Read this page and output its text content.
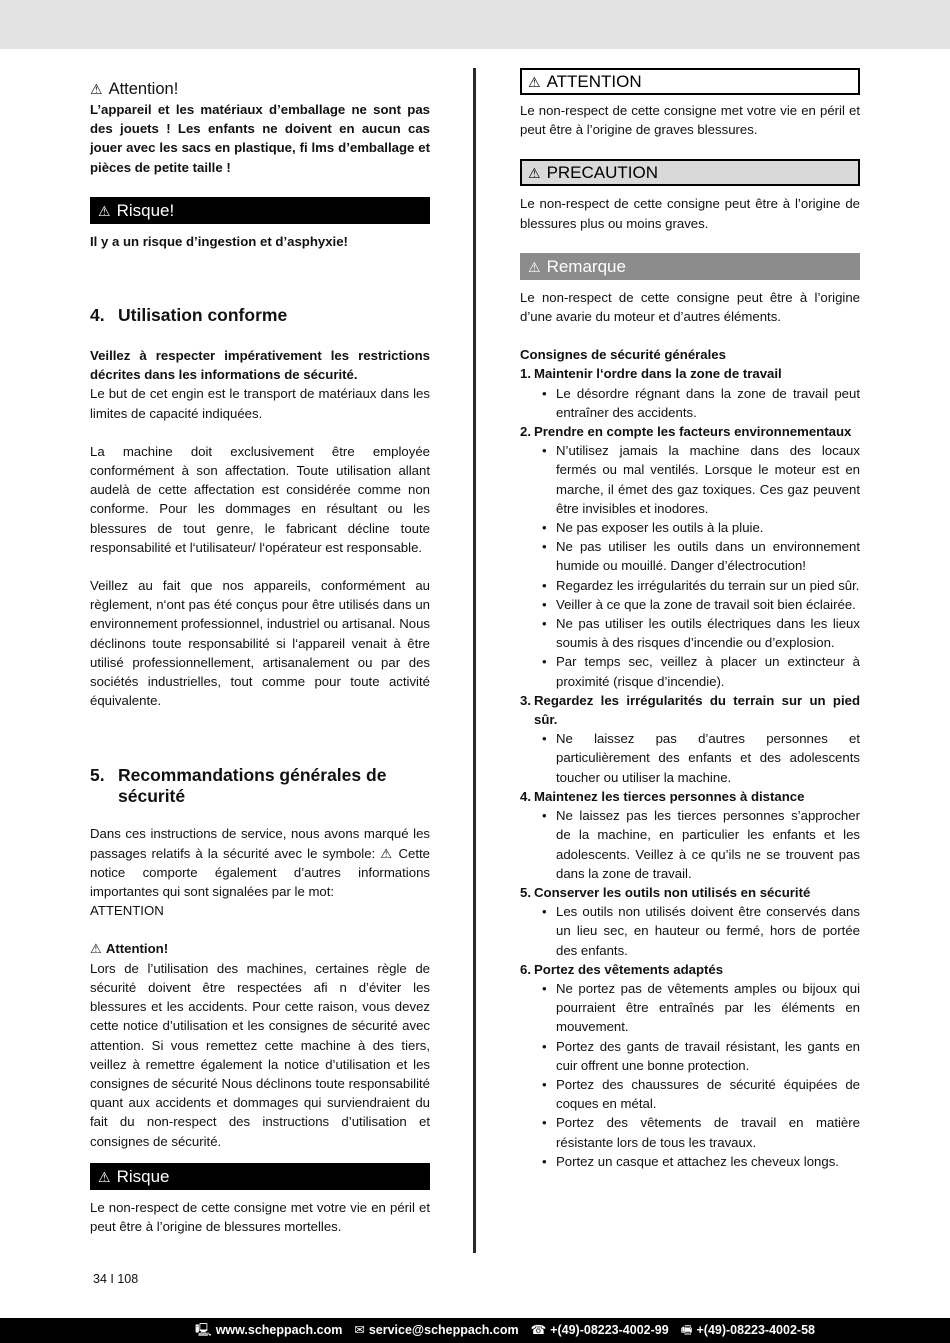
⚠ Attention!
L’appareil et les matériaux d’emballage ne sont pas des jouets ! Les enfants ne doivent en aucun cas jouer avec les sacs en plastique, fi lms d’emballage et pièces de petite taille !
⚠ Risque!
Il y a un risque d’ingestion et d’asphyxie!
4. Utilisation conforme
Veillez à respecter impérativement les restrictions décrites dans les informations de sécurité.
Le but de cet engin est le transport de matériaux dans les limites de capacité indiquées.
La machine doit exclusivement être employée conformément à son affectation. Toute utilisation allant audelà de cette affectation est considérée comme non conforme. Pour les dommages en résultant ou les blessures de tout genre, le fabricant décline toute responsabilité et l‘utilisateur/ l‘opérateur est responsable.
Veillez au fait que nos appareils, conformément au règlement, n‘ont pas été conçus pour être utilisés dans un environnement professionnel, industriel ou artisanal. Nous déclinons toute responsabilité si l‘appareil venait à être utilisé professionnellement, artisanalement ou par des sociétés industrielles, tout comme pour toute activité équivalente.
5. Recommandations générales de sécurité
Dans ces instructions de service, nous avons marqué les passages relatifs à la sécurité avec le symbole: ⚠ Cette notice comporte également d’autres informations importantes qui sont signalées par le mot:
ATTENTION
⚠ Attention!
Lors de l’utilisation des machines, certaines règle de sécurité doivent être respectées afi n d’éviter les blessures et les accidents. Pour cette raison, vous devez cette notice d’utilisation et les consignes de sécurité avec attention. Si vous remettez cette machine à des tiers, veillez à remettre également la notice d’utilisation et les consignes de sécurité Nous déclinons toute responsabilité quant aux accidents et dommages qui surviendraient du fait du non-respect des instructions d’utilisation et consignes de sécurité.
⚠ Risque
Le non-respect de cette consigne met votre vie en péril et peut être à l’origine de blessures mortelles.
⚠ ATTENTION
Le non-respect de cette consigne met votre vie en péril et peut être à l’origine de graves blessures.
⚠ PRECAUTION
Le non-respect de cette consigne peut être à l’origine de blessures plus ou moins graves.
⚠ Remarque
Le non-respect de cette consigne peut être à l’origine d’une avarie du moteur et d’autres éléments.
Consignes de sécurité générales
1. Maintenir l‘ordre dans la zone de travail
• Le désordre régnant dans la zone de travail peut entraîner des accidents.
2. Prendre en compte les facteurs environnementaux
• N’utilisez jamais la machine dans des locaux fermés ou mal ventilés. Lorsque le moteur est en marche, il émet des gaz toxiques. Ces gaz peuvent être invisibles et inodores.
• Ne pas exposer les outils à la pluie.
• Ne pas utiliser les outils dans un environnement humide ou mouillé. Danger d’électrocution!
• Regardez les irrégularités du terrain sur un pied sûr.
• Veiller à ce que la zone de travail soit bien éclairée.
• Ne pas utiliser les outils électriques dans les lieux soumis à des risques d’incendie ou d’explosion.
• Par temps sec, veillez à placer un extincteur à proximité (risque d’incendie).
3. Regardez les irrégularités du terrain sur un pied sûr.
• Ne laissez pas d’autres personnes et particulièrement des enfants et des adolescents toucher ou utiliser la machine.
4. Maintenez les tierces personnes à distance
• Ne laissez pas les tierces personnes s’approcher de la machine, en particulier les enfants et les adolescents. Veillez à ce qu’ils ne se trouvent pas dans la zone de travail.
5. Conserver les outils non utilisés en sécurité
• Les outils non utilisés doivent être conservés dans un lieu sec, en hauteur ou fermé, hors de portée des enfants.
6. Portez des vêtements adaptés
• Ne portez pas de vêtements amples ou bijoux qui pourraient être entraînés par les éléments en mouvement.
• Portez des gants de travail résistant, les gants en cuir offrent une bonne protection.
• Portez des chaussures de sécurité équipées de coques en métal.
• Portez des vêtements de travail en matière résistante lors de tous les travaux.
• Portez un casque et attachez les cheveux longs.
34 I 108
🖳 www.scheppach.com ✉ service@scheppach.com ☎ +(49)-08223-4002-99 🖷 +(49)-08223-4002-58
